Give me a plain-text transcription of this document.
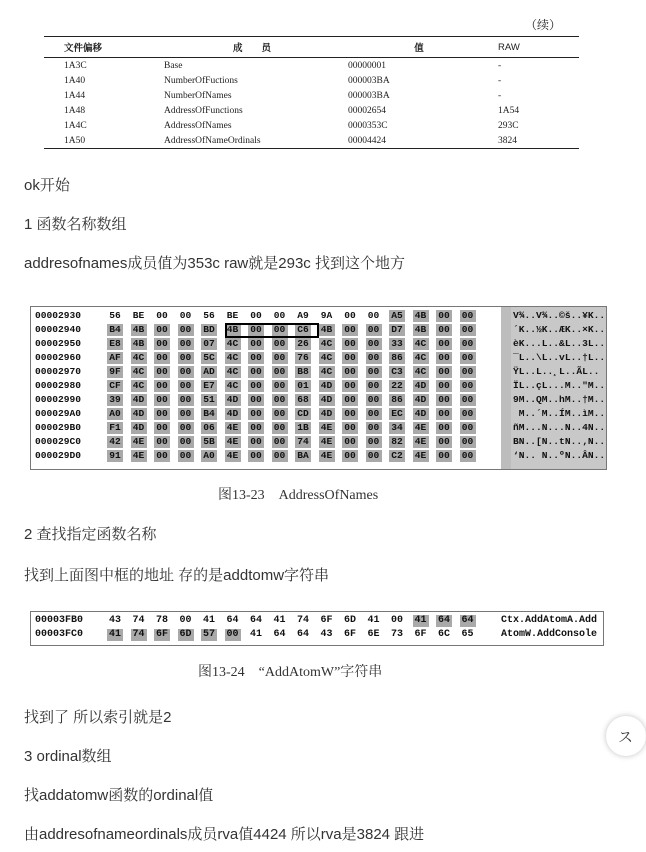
（续）
文件偏移	成　　员	值	RAW
1A3C	Base	00000001	-
1A40	NumberOfFuctions	000003BA	-
1A44	NumberOfNames	000003BA	-
1A48	AddressOfFunctions	00002654	1A54
1A4C	AddressOfNames	0000353C	293C
1A50	AddressOfNameOrdinals	00004424	3824
ok开始
1 函数名称数组
addresofnames成员值为353c raw就是293c 找到这个地方
00002930	56 BE 00 00 56 BE 00 00 A9 9A 00 00 A5 4B 00 00	V¾..V¾..©š..¥K..
00002940	B4 4B 00 00 BD 4B 00 00 C6 4B 00 00 D7 4B 00 00	´K..½K..ÆK..×K..
00002950	E8 4B 00 00 07 4C 00 00 26 4C 00 00 33 4C 00 00	èK...L..&L..3L..
00002960	AF 4C 00 00 5C 4C 00 00 76 4C 00 00 86 4C 00 00	¯L..\L..vL..†L..
00002970	9F 4C 00 00 AD 4C 00 00 B8 4C 00 00 C3 4C 00 00	ŸL..L..¸L..ÃL..
00002980	CF 4C 00 00 E7 4C 00 00 01 4D 00 00 22 4D 00 00	ÏL..çL...M.."M..
00002990	39 4D 00 00 51 4D 00 00 68 4D 00 00 86 4D 00 00	9M..QM..hM..†M..
000029A0	A0 4D 00 00 B4 4D 00 00 CD 4D 00 00 EC 4D 00 00	M..´M..ÍM..ìM..
000029B0	F1 4D 00 00 06 4E 00 00 1B 4E 00 00 34 4E 00 00	ñM...N...N..4N..
000029C0	42 4E 00 00 5B 4E 00 00 74 4E 00 00 82 4E 00 00	BN..[N..tN..‚N..
000029D0	91 4E 00 00 A0 4E 00 00 BA 4E 00 00 C2 4E 00 00	‘N.. N..ºN..ÂN..
图13-23　AddressOfNames
2 查找指定函数名称
找到上面图中框的地址 存的是addtomw字符串
00003FB0	43 74 78 00 41 64 64 41 74 6F 6D 41 00 41 64 64	Ctx.AddAtomA.Add
00003FC0	41 74 6F 6D 57 00 41 64 64 43 6F 6E 73 6F 6C 65	AtomW.AddConsole
图13-24　“AddAtomW”字符串
找到了 所以索引就是2
3 ordinal数组
找addatomw函数的ordinal值
由addresofnameordinals成员rva值4424 所以rva是3824 跟进
ス
